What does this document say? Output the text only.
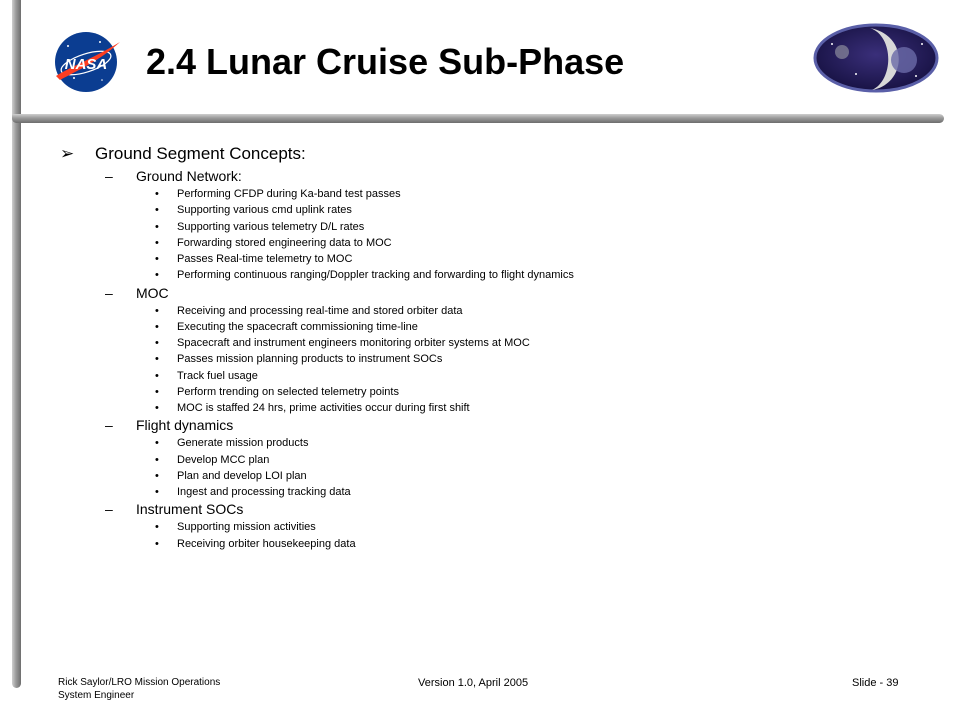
NASA 2.4 Lunar Cruise Sub-Phase
➢	Ground Segment Concepts:
– Ground Network:
• Performing CFDP during Ka-band test passes
• Supporting various cmd uplink rates
• Supporting various telemetry D/L rates
• Forwarding stored engineering data to MOC
• Passes Real-time telemetry to MOC
• Performing continuous ranging/Doppler tracking and forwarding to flight dynamics
– MOC
• Receiving and processing real-time and stored orbiter data
• Executing the spacecraft commissioning time-line
• Spacecraft and instrument engineers monitoring orbiter systems at MOC
• Passes mission planning products to instrument SOCs
• Track fuel usage
• Perform trending on selected telemetry points
• MOC is staffed 24 hrs, prime activities occur during first shift
– Flight dynamics
• Generate mission products
• Develop MCC plan
• Plan and develop LOI plan
• Ingest and processing tracking data
– Instrument SOCs
• Supporting mission activities
• Receiving orbiter housekeeping data
Rick Saylor/LRO Mission Operations
System Engineer
Version 1.0, April 2005	Slide - 39
